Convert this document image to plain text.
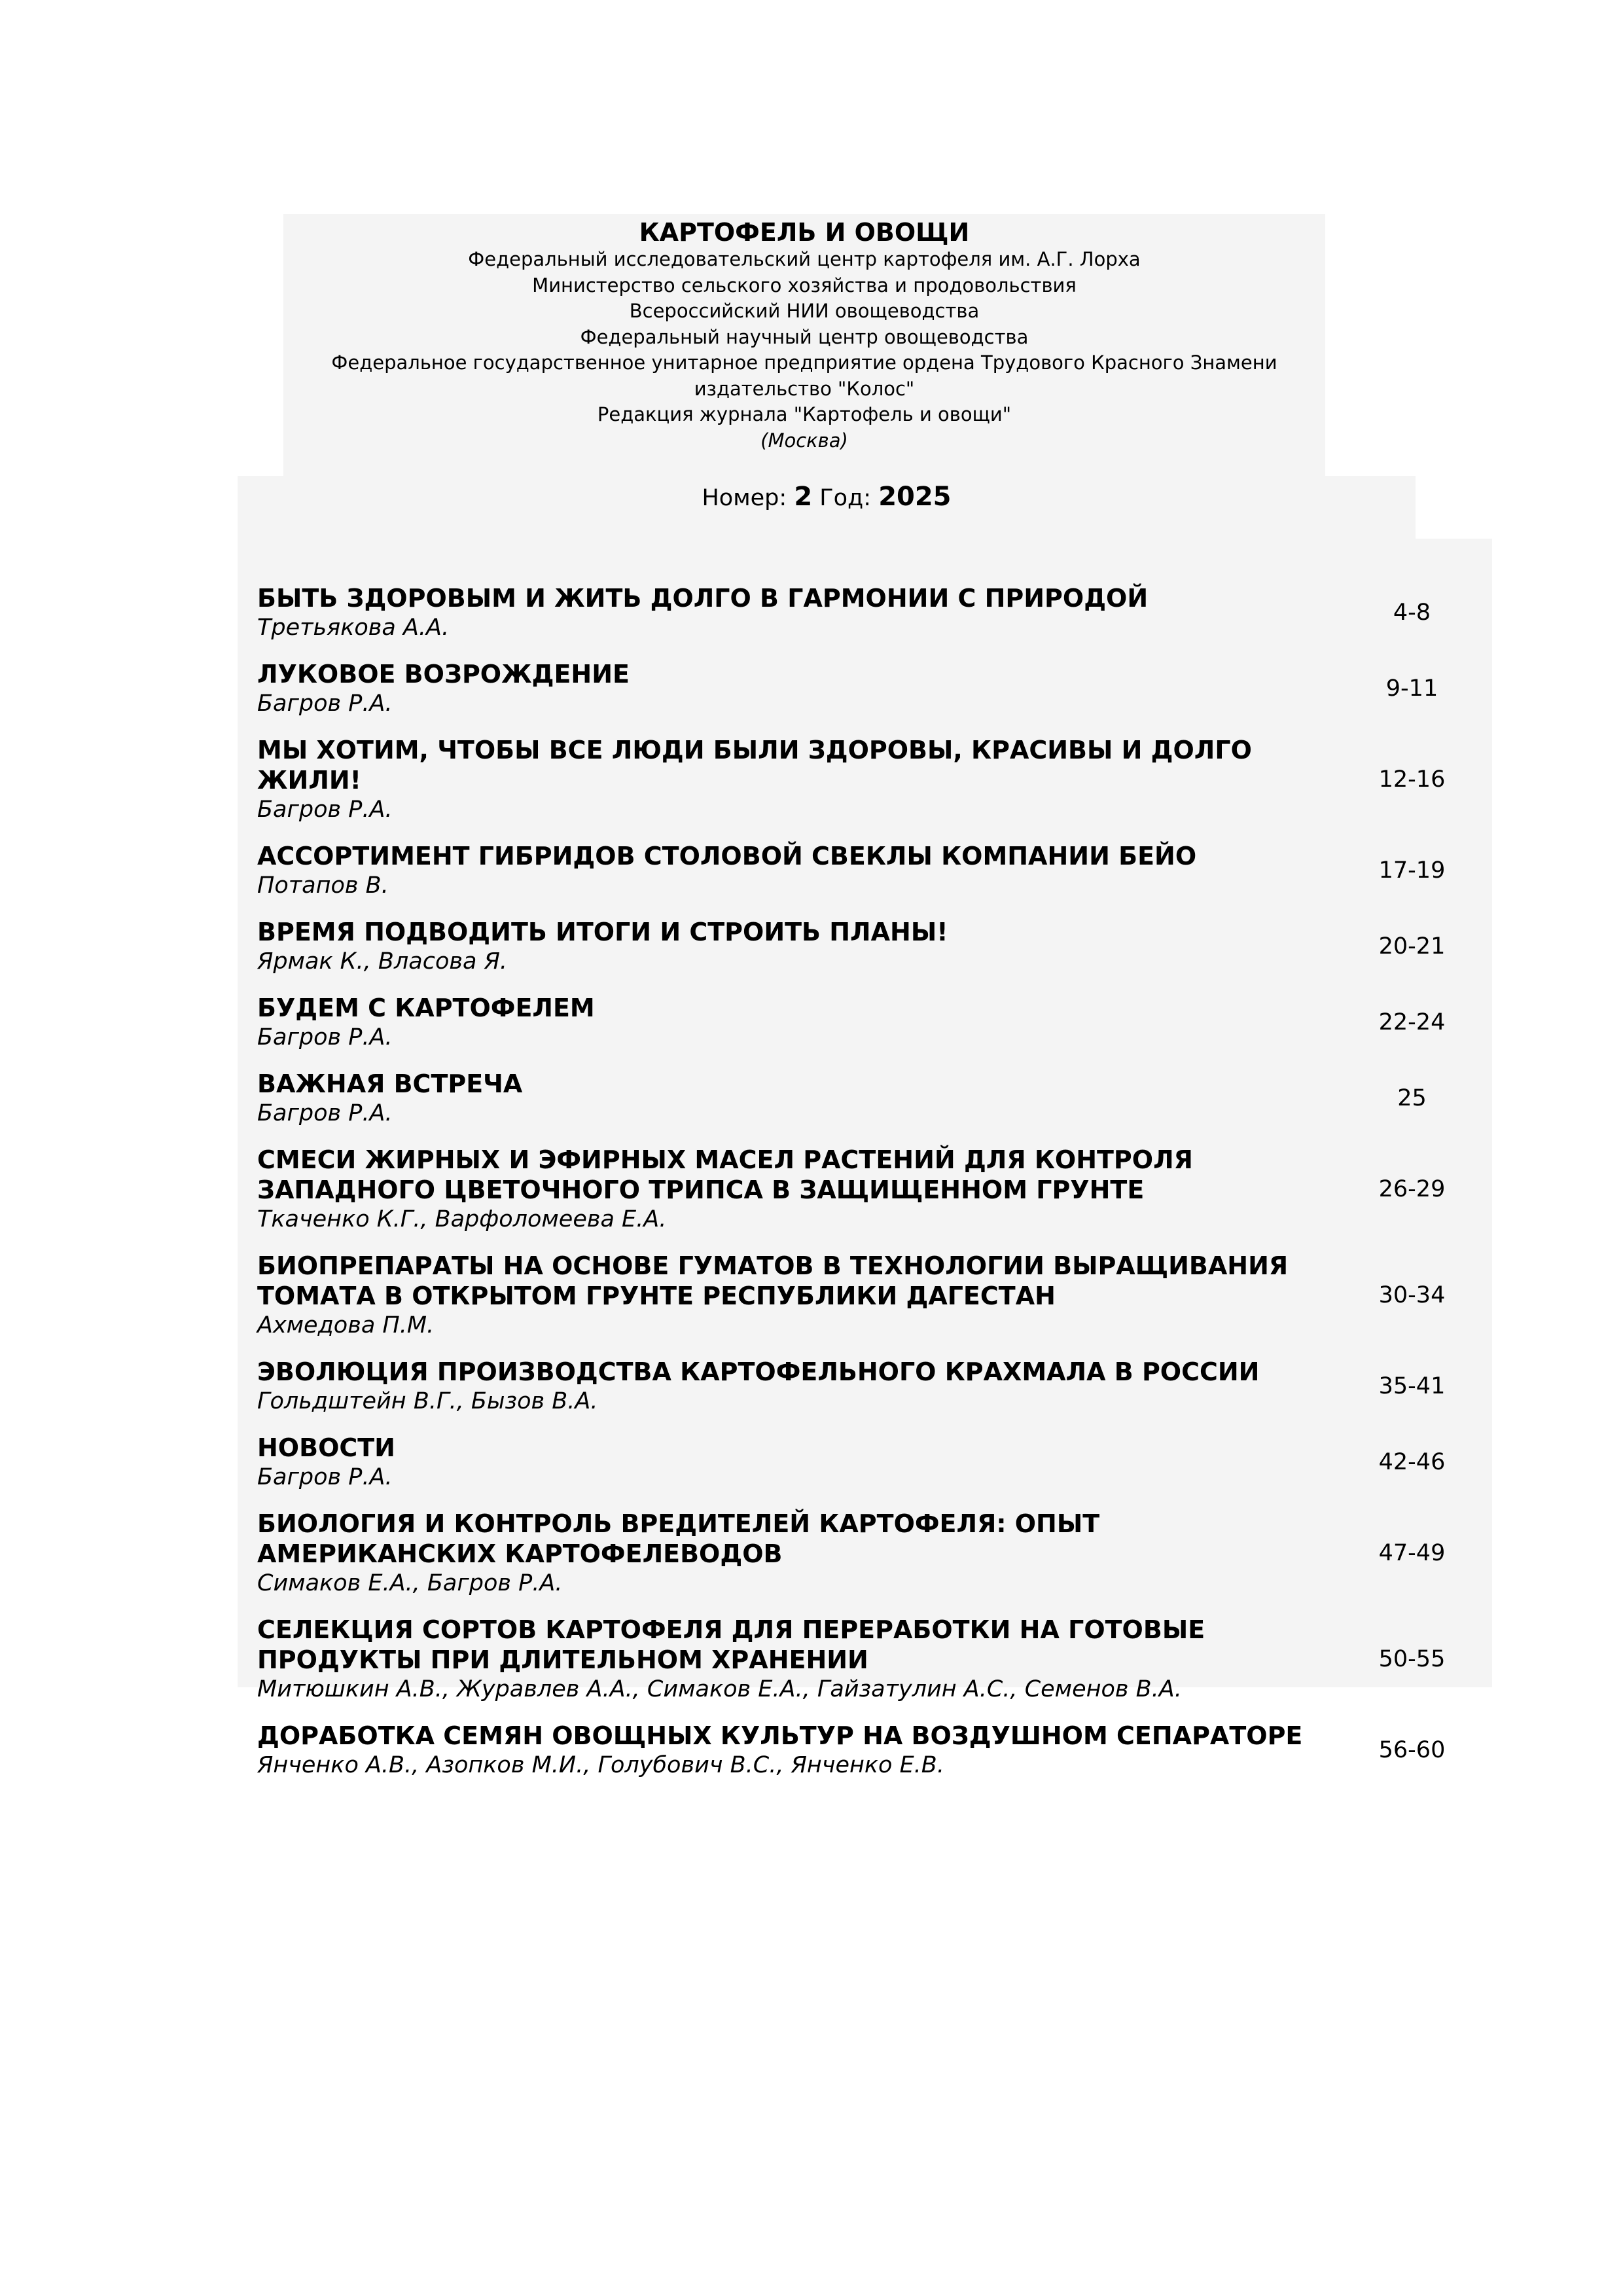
КАРТОФЕЛЬ И ОВОЩИ
Федеральный исследовательский центр картофеля им. А.Г. Лорха
Министерство сельского хозяйства и продовольствия
Всероссийский НИИ овощеводства
Федеральный научный центр овощеводства
Федеральное государственное унитарное предприятие ордена Трудового Красного Знамени
издательство "Колос"
Редакция журнала "Картофель и овощи"
(Москва)
Номер: 2 Год: 2025
БЫТЬ ЗДОРОВЫМ И ЖИТЬ ДОЛГО В ГАРМОНИИ С ПРИРОДОЙ
Третьякова А.А.
4-8
ЛУКОВОЕ ВОЗРОЖДЕНИЕ
Багров Р.А.
9-11
МЫ ХОТИМ, ЧТОБЫ ВСЕ ЛЮДИ БЫЛИ ЗДОРОВЫ, КРАСИВЫ И ДОЛГО ЖИЛИ!
Багров Р.А.
12-16
АССОРТИМЕНТ ГИБРИДОВ СТОЛОВОЙ СВЕКЛЫ КОМПАНИИ БЕЙО
Потапов В.
17-19
ВРЕМЯ ПОДВОДИТЬ ИТОГИ И СТРОИТЬ ПЛАНЫ!
Ярмак К., Власова Я.
20-21
БУДЕМ С КАРТОФЕЛЕМ
Багров Р.А.
22-24
ВАЖНАЯ ВСТРЕЧА
Багров Р.А.
25
СМЕСИ ЖИРНЫХ И ЭФИРНЫХ МАСЕЛ РАСТЕНИЙ ДЛЯ КОНТРОЛЯ ЗАПАДНОГО ЦВЕТОЧНОГО ТРИПСА В ЗАЩИЩЕННОМ ГРУНТЕ
Ткаченко К.Г., Варфоломеева Е.А.
26-29
БИОПРЕПАРАТЫ НА ОСНОВЕ ГУМАТОВ В ТЕХНОЛОГИИ ВЫРАЩИВАНИЯ ТОМАТА В ОТКРЫТОМ ГРУНТЕ РЕСПУБЛИКИ ДАГЕСТАН
Ахмедова П.М.
30-34
ЭВОЛЮЦИЯ ПРОИЗВОДСТВА КАРТОФЕЛЬНОГО КРАХМАЛА В РОССИИ
Гольдштейн В.Г., Бызов В.А.
35-41
НОВОСТИ
Багров Р.А.
42-46
БИОЛОГИЯ И КОНТРОЛЬ ВРЕДИТЕЛЕЙ КАРТОФЕЛЯ: ОПЫТ АМЕРИКАНСКИХ КАРТОФЕЛЕВОДОВ
Симаков Е.А., Багров Р.А.
47-49
СЕЛЕКЦИЯ СОРТОВ КАРТОФЕЛЯ ДЛЯ ПЕРЕРАБОТКИ НА ГОТОВЫЕ ПРОДУКТЫ ПРИ ДЛИТЕЛЬНОМ ХРАНЕНИИ
Митюшкин А.В., Журавлев А.А., Симаков Е.А., Гайзатулин А.С., Семенов В.А.
50-55
ДОРАБОТКА СЕМЯН ОВОЩНЫХ КУЛЬТУР НА ВОЗДУШНОМ СЕПАРАТОРЕ
Янченко А.В., Азопков М.И., Голубович В.С., Янченко Е.В.
56-60
